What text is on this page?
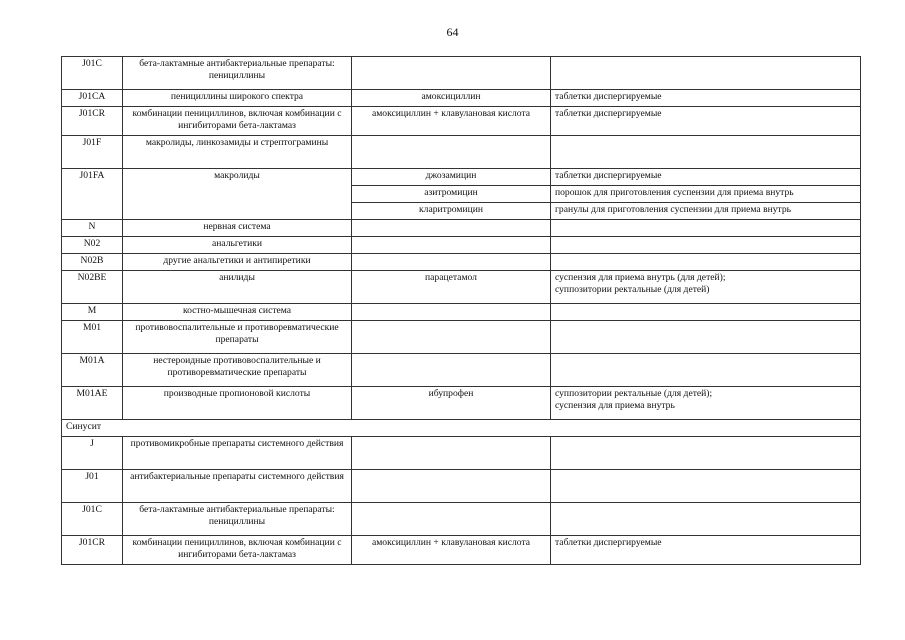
64
J01C	бета-лактамные антибактериальные препараты: пенициллины		
J01CA	пенициллины широкого спектра	амоксициллин	таблетки диспергируемые
J01CR	комбинации пенициллинов, включая комбинации с ингибиторами бета-лактамаз	амоксициллин + клавулановая кислота	таблетки диспергируемые
J01F	макролиды, линкозамиды и стрептограмины		
J01FA	макролиды	джозамицин	таблетки диспергируемые
		азитромицин	порошок для приготовления суспензии для приема внутрь
		кларитромицин	гранулы для приготовления суспензии для приема внутрь
N	нервная система		
N02	анальгетики		
N02B	другие анальгетики и антипиретики		
N02BE	анилиды	парацетамол	суспензия для приема внутрь (для детей);
суппозитории ректальные (для детей)
M	костно-мышечная система		
M01	противовоспалительные и противоревматические препараты		
M01A	нестероидные противовоспалительные и противоревматические препараты		
M01AE	производные пропионовой кислоты	ибупрофен	суппозитории ректальные (для детей);
суспензия для приема внутрь
Синусит			
J	противомикробные препараты системного действия		
J01	антибактериальные препараты системного действия		
J01C	бета-лактамные антибактериальные препараты: пенициллины		
J01CR	комбинации пенициллинов, включая комбинации с ингибиторами бета-лактамаз	амоксициллин + клавулановая кислота	таблетки диспергируемые
